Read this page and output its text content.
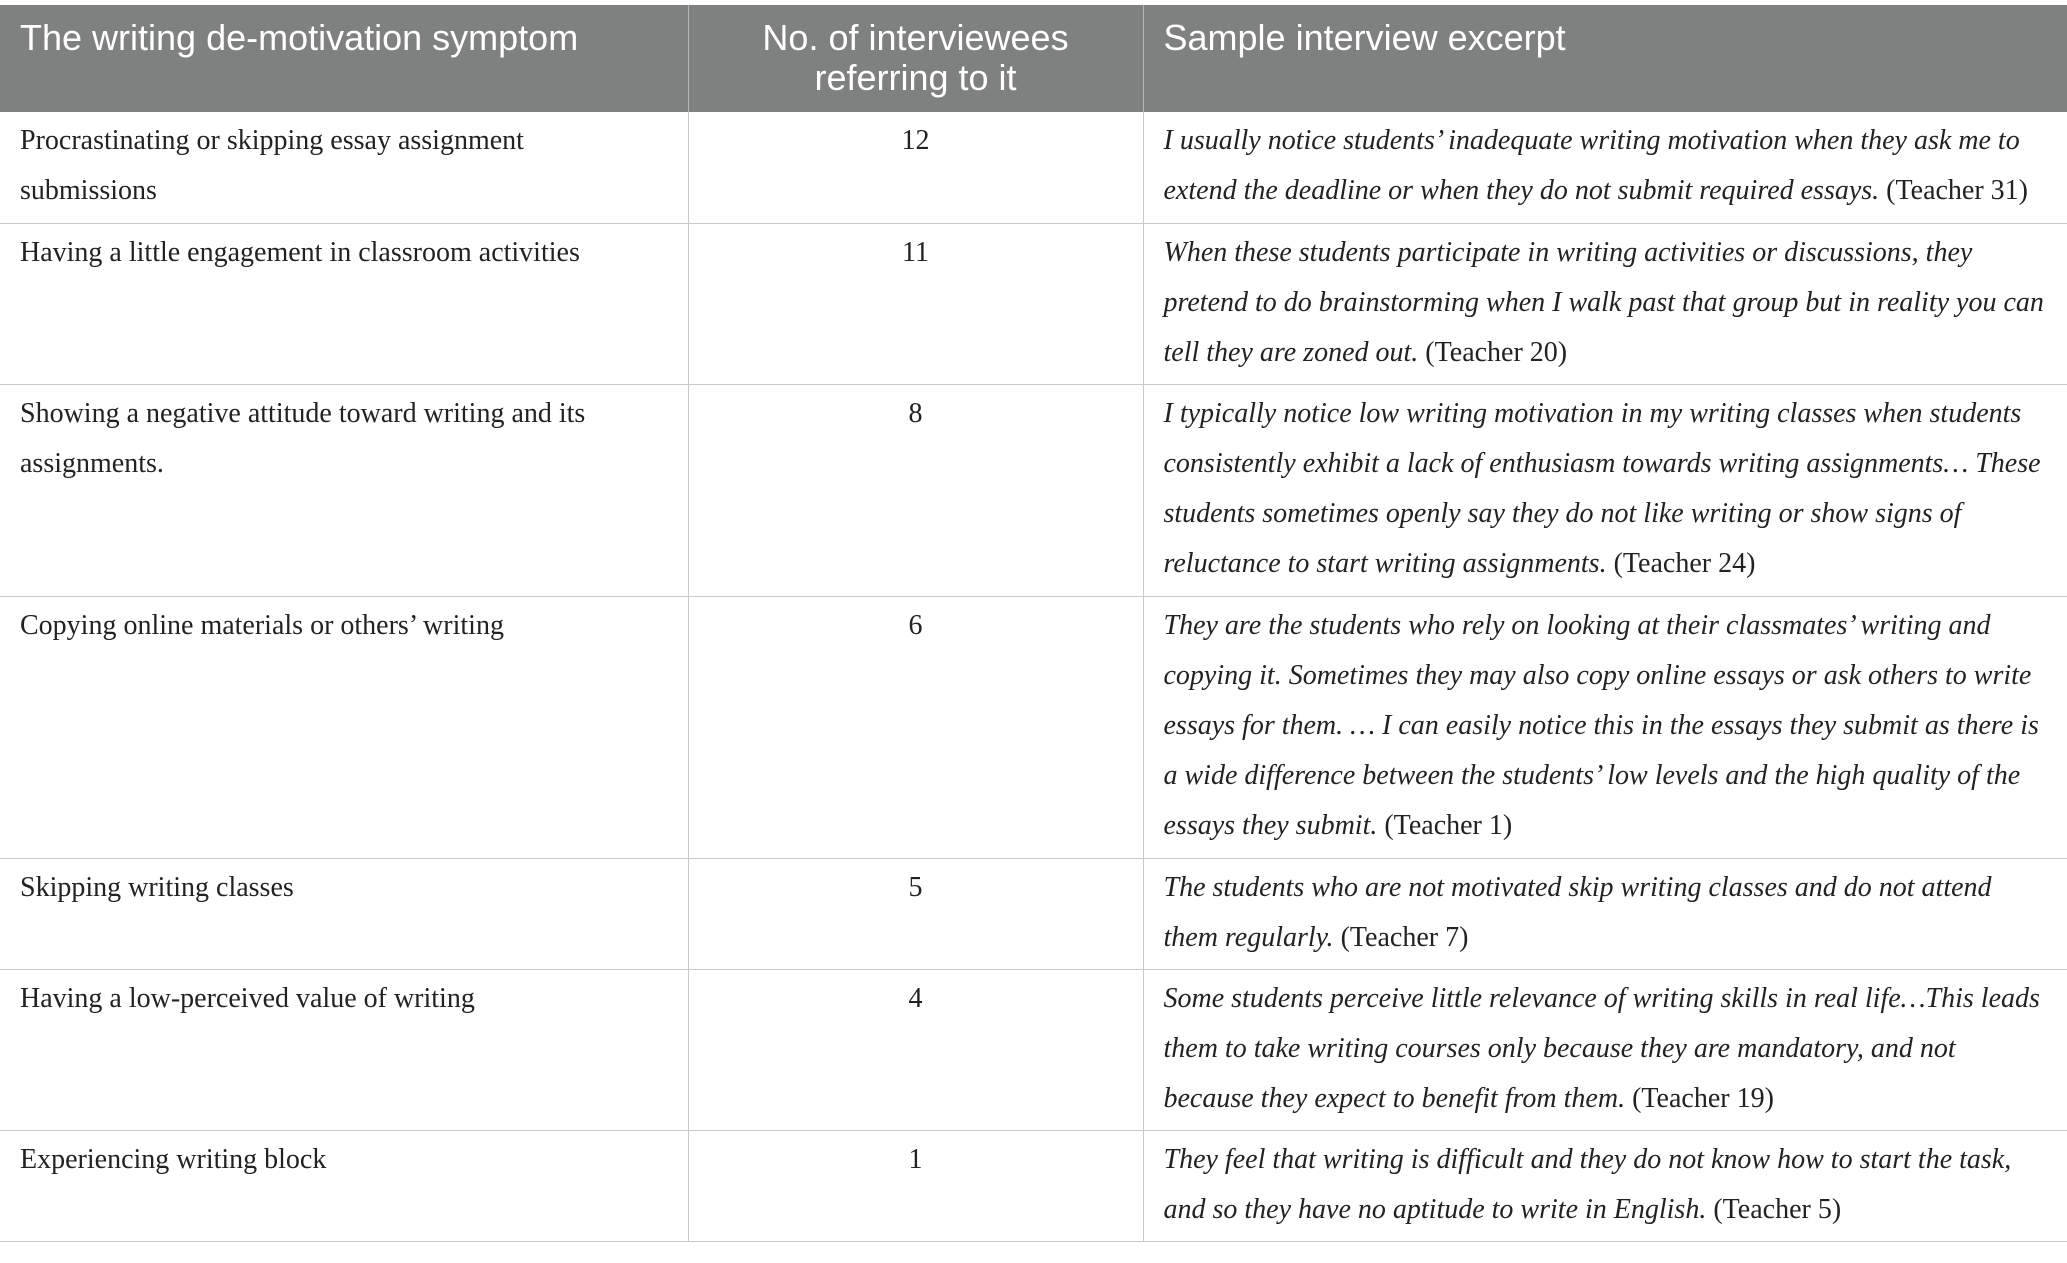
The writing de-motivation symptom	No. of interviewees referring to it	Sample interview excerpt
Procrastinating or skipping essay assignment submissions	12	I usually notice students’ inadequate writing motivation when they ask me to extend the deadline or when they do not submit required essays. (Teacher 31)
Having a little engagement in classroom activities	11	When these students participate in writing activities or discussions, they pretend to do brainstorming when I walk past that group but in reality you can tell they are zoned out. (Teacher 20)
Showing a negative attitude toward writing and its assignments.	8	I typically notice low writing motivation in my writing classes when students consistently exhibit a lack of enthusiasm towards writing assignments… These students sometimes openly say they do not like writing or show signs of reluctance to start writing assignments. (Teacher 24)
Copying online materials or others’ writing	6	They are the students who rely on looking at their classmates’ writing and copying it. Sometimes they may also copy online essays or ask others to write essays for them. … I can easily notice this in the essays they submit as there is a wide difference between the students’ low levels and the high quality of the essays they submit. (Teacher 1)
Skipping writing classes	5	The students who are not motivated skip writing classes and do not attend them regularly. (Teacher 7)
Having a low-perceived value of writing	4	Some students perceive little relevance of writing skills in real life…This leads them to take writing courses only because they are mandatory, and not because they expect to benefit from them. (Teacher 19)
Experiencing writing block	1	They feel that writing is difficult and they do not know how to start the task, and so they have no aptitude to write in English. (Teacher 5)
